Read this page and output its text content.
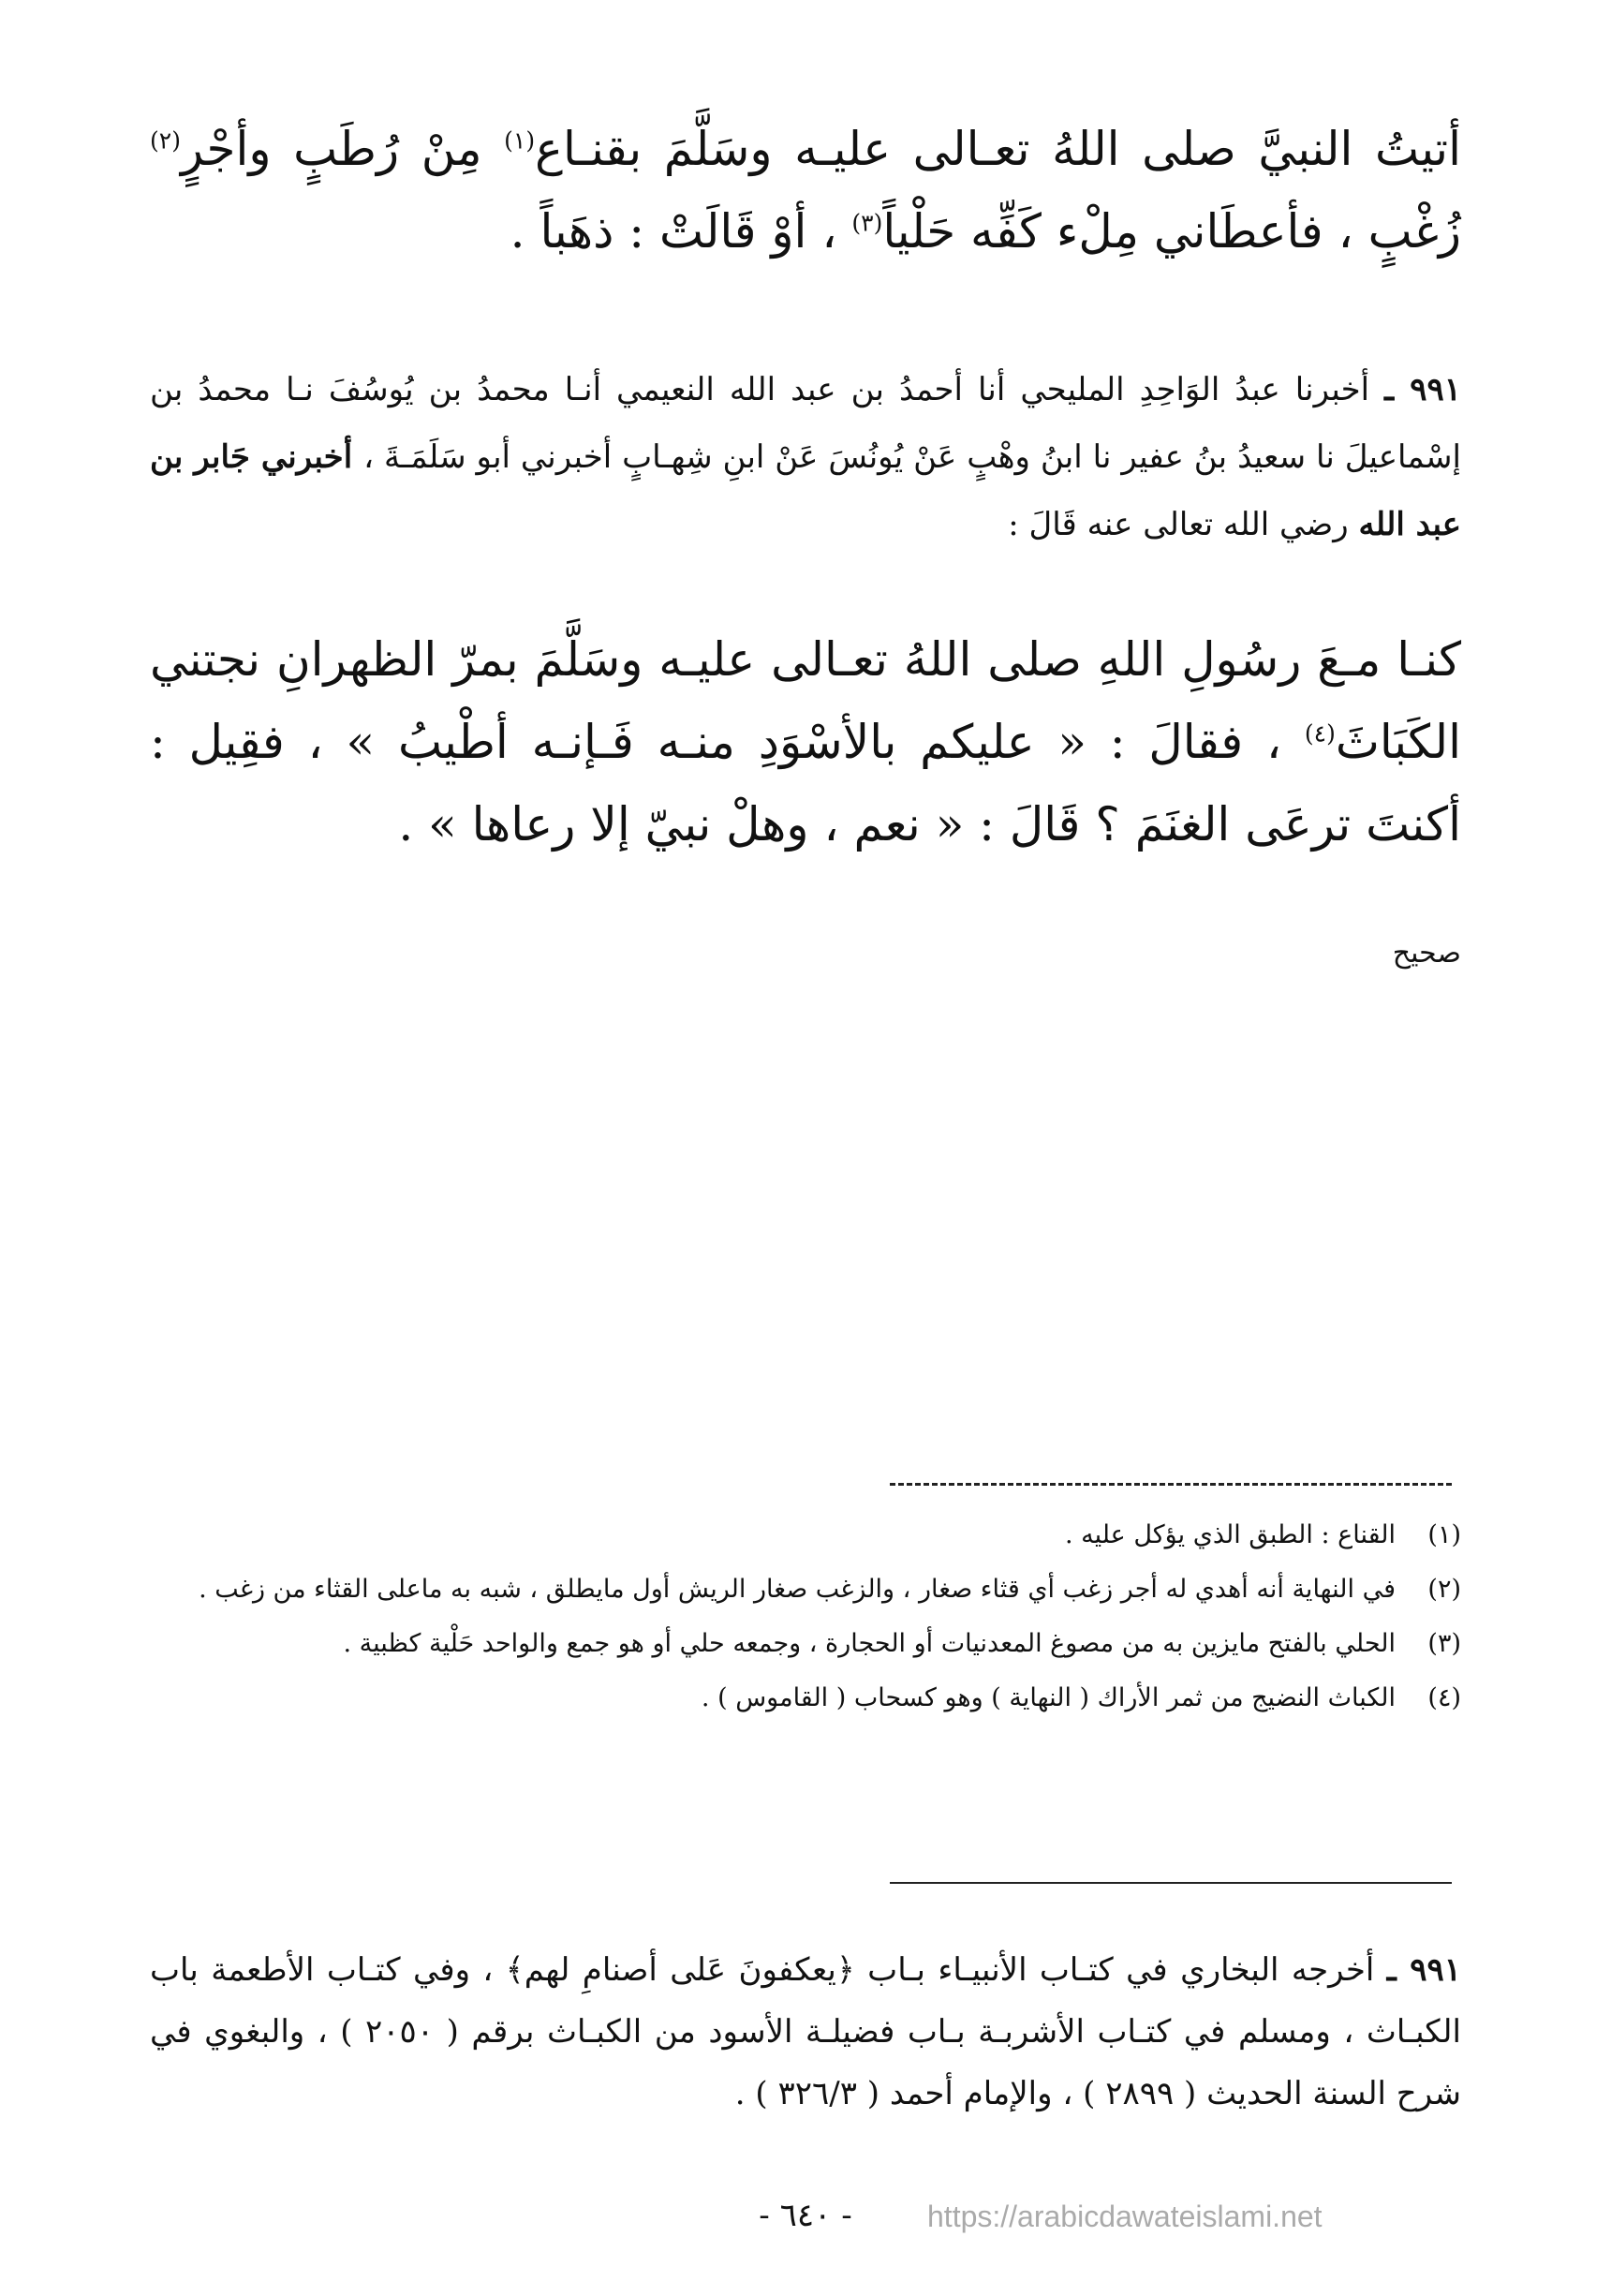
أتيتُ النبيَّ صلى اللهُ تعـالى عليـه وسَلَّمَ بقنـاع$^{(١)}$ مِنْ رُطَبٍ وأجْرٍ$^{(٢)}$ زُغْبٍ ، فأعطَاني مِلْء كَفِّه حَلْياً$^{(٣)}$ ، أوْ قَالَتْ : ذهَباً .
٩٩١ ـ أخبرنا عبدُ الوَاحِدِ المليحي أنا أحمدُ بن عبد الله النعيمي أنـا محمدُ بن يُوسُفَ نـا محمدُ بن إسْماعيلَ نا سعيدُ بنُ عفير نا ابنُ وهْبٍ عَنْ يُونُسَ عَنْ ابنِ شِهـابٍ أخبرني أبو سَلَمَـةَ ، أخبرني جَابر بن عبد الله رضي الله تعالى عنه قَالَ :
كنـا مـعَ رسُولِ اللهِ صلى اللهُ تعـالى عليـه وسَلَّمَ بمرّ الظهرانِ نجتني الكَبَاثَ$^{(٤)}$ ، فقالَ : « عليكم بالأسْوَدِ منـه فَـإنـه أطْيبُ » ، فقِيل : أكنتَ ترعَى الغنَمَ ؟ قَالَ : « نعم ، وهلْ نبيّ إلا رعاها » .
صحيح
(١)
القناع : الطبق الذي يؤكل عليه .
(٢)
في النهاية أنه أهدي له أجر زغب أي قثاء صغار ، والزغب صغار الريش أول مايطلق ، شبه به ماعلى القثاء من زغب .
(٣)
الحلي بالفتح مايزين به من مصوغ المعدنيات أو الحجارة ، وجمعه حلي أو هو جمع والواحد حَلْية كظبية .
(٤)
الكباث النضيج من ثمر الأراك ( النهاية ) وهو كسحاب ( القاموس ) .
٩٩١ ـ أخرجه البخاري في كتـاب الأنبيـاء بـاب ﴿يعكفونَ عَلى أصنامِ لهم﴾ ، وفي كتـاب الأطعمة باب الكبـاث ، ومسلم في كتـاب الأشربـة بـاب فضيلـة الأسود من الكبـاث برقم ( ٢٠٥٠ ) ، والبغوي في شرح السنة الحديث ( ٢٨٩٩ ) ، والإمام أحمد ( ٣٢٦/٣ ) .
- ٦٤٠ -	https://arabicdawateislami.net
